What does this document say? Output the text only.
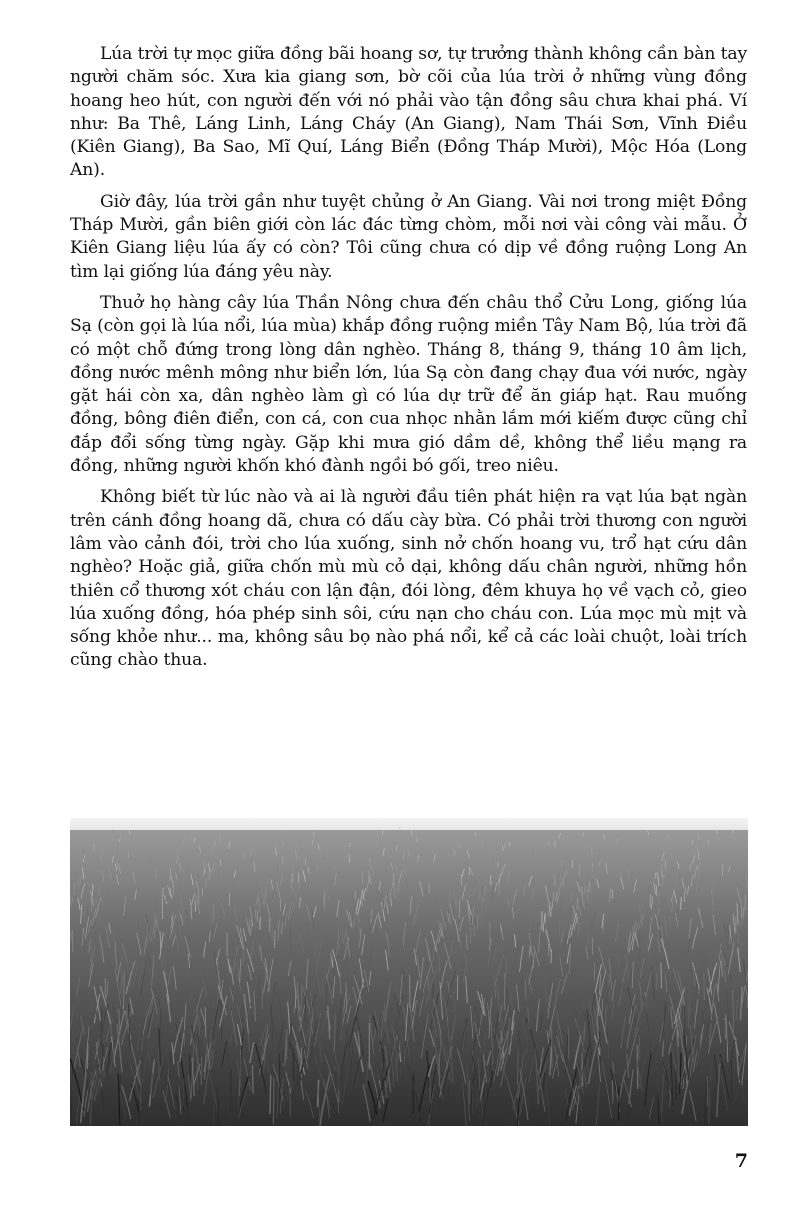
Lúa trời tự mọc giữa đồng bãi hoang sơ, tự trưởng thành không cần bàn tay người chăm sóc. Xưa kia giang sơn, bờ cõi của lúa trời ở những vùng đồng hoang heo hút, con người đến với nó phải vào tận đồng sâu chưa khai phá. Ví như: Ba Thê, Láng Linh, Láng Cháy (An Giang), Nam Thái Sơn, Vĩnh Điều (Kiên Giang), Ba Sao, Mĩ Quí, Láng Biển (Đồng Tháp Mười), Mộc Hóa (Long An).

Giờ đây, lúa trời gần như tuyệt chủng ở An Giang. Vài nơi trong miệt Đồng Tháp Mười, gần biên giới còn lác đác từng chòm, mỗi nơi vài công vài mẫu. Ở Kiên Giang liệu lúa ấy có còn? Tôi cũng chưa có dịp về đồng ruộng Long An tìm lại giống lúa đáng yêu này.

Thuở họ hàng cây lúa Thần Nông chưa đến châu thổ Cửu Long, giống lúa Sạ (còn gọi là lúa nổi, lúa mùa) khắp đồng ruộng miền Tây Nam Bộ, lúa trời đã có một chỗ đứng trong lòng dân nghèo. Tháng 8, tháng 9, tháng 10 âm lịch, đồng nước mênh mông như biển lớn, lúa Sạ còn đang chạy đua với nước, ngày gặt hái còn xa, dân nghèo làm gì có lúa dự trữ để ăn giáp hạt. Rau muống đồng, bông điên điển, con cá, con cua nhọc nhằn lắm mới kiếm được cũng chỉ đắp đổi sống từng ngày. Gặp khi mưa gió dầm dề, không thể liều mạng ra đồng, những người khốn khó đành ngồi bó gối, treo niêu.

Không biết từ lúc nào và ai là người đầu tiên phát hiện ra vạt lúa bạt ngàn trên cánh đồng hoang dã, chưa có dấu cày bừa. Có phải trời thương con người lâm vào cảnh đói, trời cho lúa xuống, sinh nở chốn hoang vu, trổ hạt cứu dân nghèo? Hoặc giả, giữa chốn mù mù cỏ dại, không dấu chân người, những hồn thiên cổ thương xót cháu con lận đận, đói lòng, đêm khuya họ về vạch cỏ, gieo lúa xuống đồng, hóa phép sinh sôi, cứu nạn cho cháu con. Lúa mọc mù mịt và sống khỏe như... ma, không sâu bọ nào phá nổi, kể cả các loài chuột, loài trích cũng chào thua.

7
